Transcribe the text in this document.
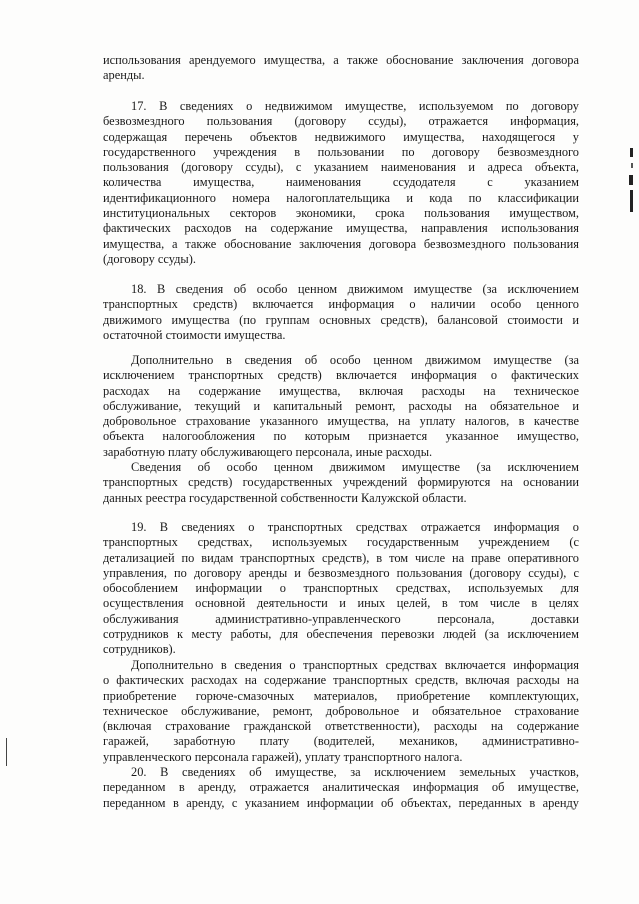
использования арендуемого имущества, а также обоснование заключения договора
аренды.
17. В сведениях о недвижимом имуществе, используемом по договору
безвозмездного пользования (договору ссуды), отражается информация,
содержащая перечень объектов недвижимого имущества, находящегося у
государственного учреждения в пользовании по договору безвозмездного
пользования (договору ссуды), с указанием наименования и адреса объекта,
количества имущества, наименования ссудодателя с указанием
идентификационного номера налогоплательщика и кода по классификации
институциональных секторов экономики, срока пользования имуществом,
фактических расходов на содержание имущества, направления использования
имущества, а также обоснование заключения договора безвозмездного пользования
(договору ссуды).
18. В сведения об особо ценном движимом имуществе (за исключением
транспортных средств) включается информация о наличии особо ценного
движимого имущества (по группам основных средств), балансовой стоимости и
остаточной стоимости имущества.
Дополнительно в сведения об особо ценном движимом имуществе (за
исключением транспортных средств) включается информация о фактических
расходах на содержание имущества, включая расходы на техническое
обслуживание, текущий и капитальный ремонт, расходы на обязательное и
добровольное страхование указанного имущества, на уплату налогов, в качестве
объекта налогообложения по которым признается указанное имущество,
заработную плату обслуживающего персонала, иные расходы.
Сведения об особо ценном движимом имуществе (за исключением
транспортных средств) государственных учреждений формируются на основании
данных реестра государственной собственности Калужской области.
19. В сведениях о транспортных средствах отражается информация о
транспортных средствах, используемых государственным учреждением (с
детализацией по видам транспортных средств), в том числе на праве оперативного
управления, по договору аренды и безвозмездного пользования (договору ссуды), с
обособлением информации о транспортных средствах, используемых для
осуществления основной деятельности и иных целей, в том числе в целях
обслуживания административно-управленческого персонала, доставки
сотрудников к месту работы, для обеспечения перевозки людей (за исключением
сотрудников).
Дополнительно в сведения о транспортных средствах включается информация
о фактических расходах на содержание транспортных средств, включая расходы на
приобретение горюче-смазочных материалов, приобретение комплектующих,
техническое обслуживание, ремонт, добровольное и обязательное страхование
(включая страхование гражданской ответственности), расходы на содержание
гаражей, заработную плату (водителей, механиков, административно-
управленческого персонала гаражей), уплату транспортного налога.
20. В сведениях об имуществе, за исключением земельных участков,
переданном в аренду, отражается аналитическая информация об имуществе,
переданном в аренду, с указанием информации об объектах, переданных в аренду
